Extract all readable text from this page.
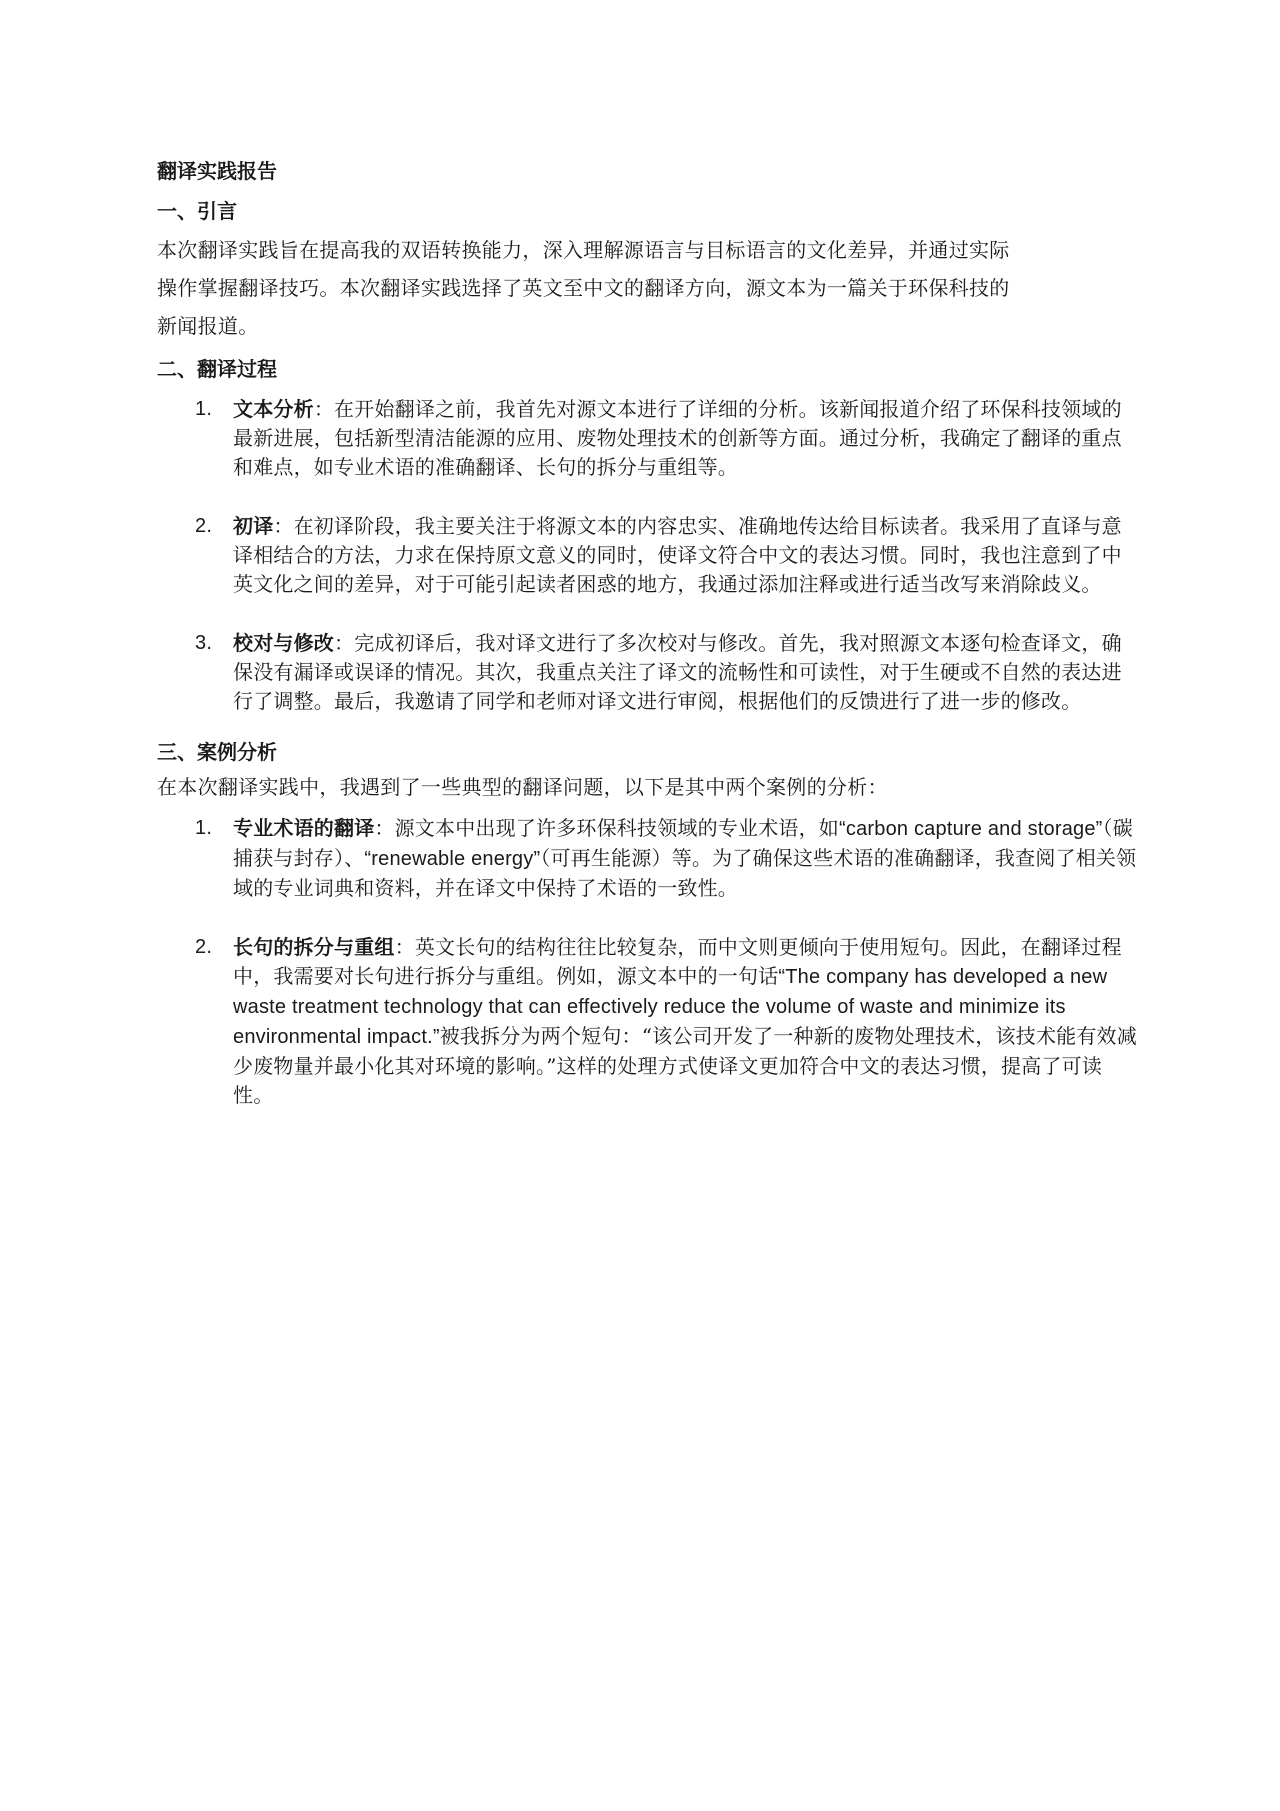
翻译实践报告
一、引言
本次翻译实践旨在提高我的双语转换能力，深入理解源语言与目标语言的文化差异，并通过实际
操作掌握翻译技巧。本次翻译实践选择了英文至中文的翻译方向，源文本为一篇关于环保科技的
新闻报道。
二、翻译过程
1. 文本分析：在开始翻译之前，我首先对源文本进行了详细的分析。该新闻报道介绍了环保科技领域的最新进展，包括新型清洁能源的应用、废物处理技术的创新等方面。通过分析，我确定了翻译的重点和难点，如专业术语的准确翻译、长句的拆分与重组等。
2. 初译：在初译阶段，我主要关注于将源文本的内容忠实、准确地传达给目标读者。我采用了直译与意译相结合的方法，力求在保持原文意义的同时，使译文符合中文的表达习惯。同时，我也注意到了中英文化之间的差异，对于可能引起读者困惑的地方，我通过添加注释或进行适当改写来消除歧义。
3. 校对与修改：完成初译后，我对译文进行了多次校对与修改。首先，我对照源文本逐句检查译文，确保没有漏译或误译的情况。其次，我重点关注了译文的流畅性和可读性，对于生硬或不自然的表达进行了调整。最后，我邀请了同学和老师对译文进行审阅，根据他们的反馈进行了进一步的修改。
三、案例分析
在本次翻译实践中，我遇到了一些典型的翻译问题，以下是其中两个案例的分析：
1. 专业术语的翻译：源文本中出现了许多环保科技领域的专业术语，如“carbon capture and storage”（碳捕获与封存）、“renewable energy”（可再生能源）等。为了确保这些术语的准确翻译，我查阅了相关领域的专业词典和资料，并在译文中保持了术语的一致性。
2. 长句的拆分与重组：英文长句的结构往往比较复杂，而中文则更倾向于使用短句。因此，在翻译过程中，我需要对长句进行拆分与重组。例如，源文本中的一句话“The company has developed a new waste treatment technology that can effectively reduce the volume of waste and minimize its environmental impact.”被我拆分为两个短句：“该公司开发了一种新的废物处理技术，该技术能有效减少废物量并最小化其对环境的影响。”这样的处理方式使译文更加符合中文的表达习惯，提高了可读性。
